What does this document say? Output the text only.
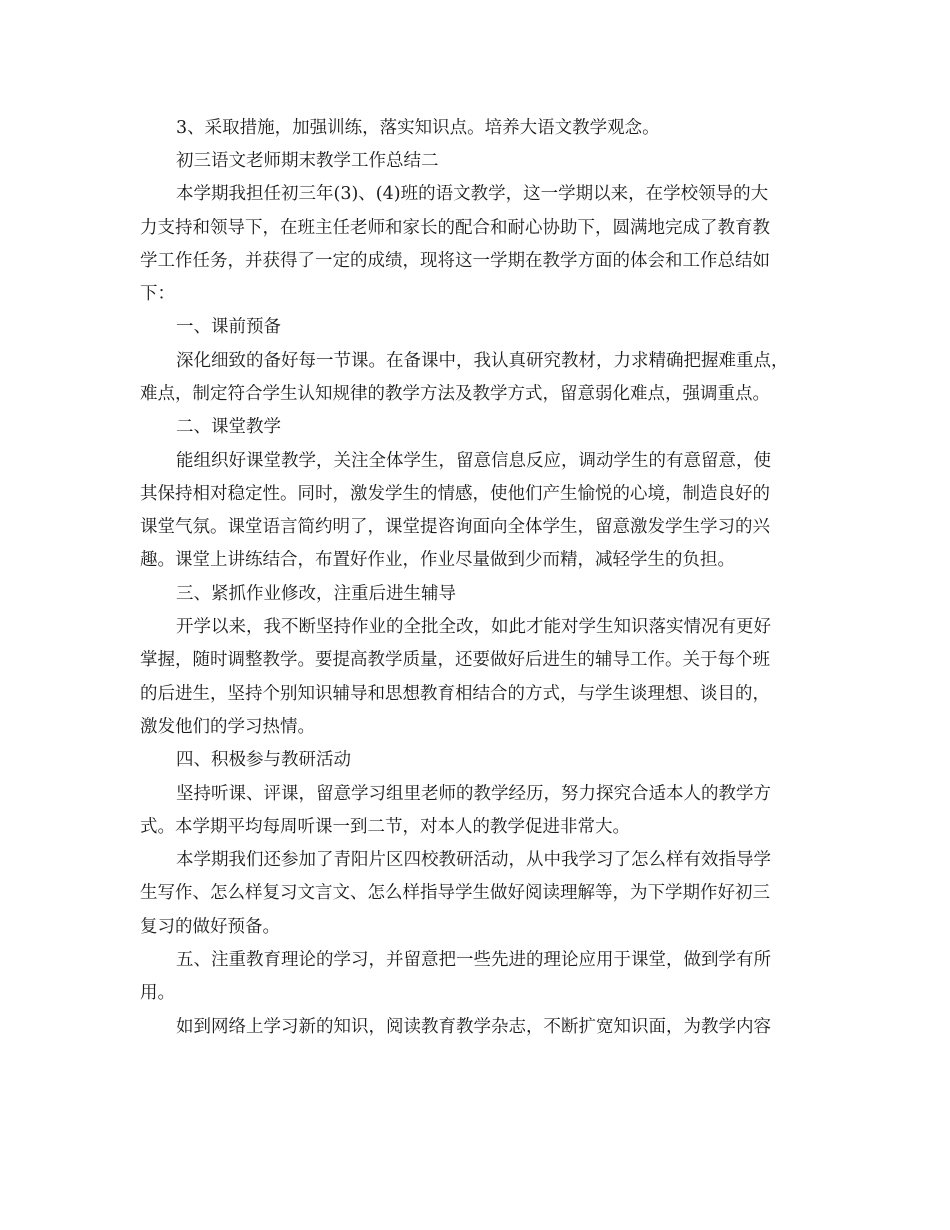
3、采取措施，加强训练，落实知识点。培养大语文教学观念。
初三语文老师期末教学工作总结二
本学期我担任初三年(3)、(4)班的语文教学，这一学期以来，在学校领导的大
力支持和领导下，在班主任老师和家长的配合和耐心协助下，圆满地完成了教育教
学工作任务，并获得了一定的成绩，现将这一学期在教学方面的体会和工作总结如
下：
一、课前预备
深化细致的备好每一节课。在备课中，我认真研究教材，力求精确把握难重点，
难点，制定符合学生认知规律的教学方法及教学方式，留意弱化难点，强调重点。
二、课堂教学
能组织好课堂教学，关注全体学生，留意信息反应，调动学生的有意留意，使
其保持相对稳定性。同时，激发学生的情感，使他们产生愉悦的心境，制造良好的
课堂气氛。课堂语言简约明了，课堂提咨询面向全体学生，留意激发学生学习的兴
趣。课堂上讲练结合，布置好作业，作业尽量做到少而精，减轻学生的负担。
三、紧抓作业修改，注重后进生辅导
开学以来，我不断坚持作业的全批全改，如此才能对学生知识落实情况有更好
掌握，随时调整教学。要提高教学质量，还要做好后进生的辅导工作。关于每个班
的后进生，坚持个别知识辅导和思想教育相结合的方式，与学生谈理想、谈目的，
激发他们的学习热情。
四、积极参与教研活动
坚持听课、评课，留意学习组里老师的教学经历，努力探究合适本人的教学方
式。本学期平均每周听课一到二节，对本人的教学促进非常大。
本学期我们还参加了青阳片区四校教研活动，从中我学习了怎么样有效指导学
生写作、怎么样复习文言文、怎么样指导学生做好阅读理解等，为下学期作好初三
复习的做好预备。
五、注重教育理论的学习，并留意把一些先进的理论应用于课堂，做到学有所
用。
如到网络上学习新的知识，阅读教育教学杂志，不断扩宽知识面，为教学内容
